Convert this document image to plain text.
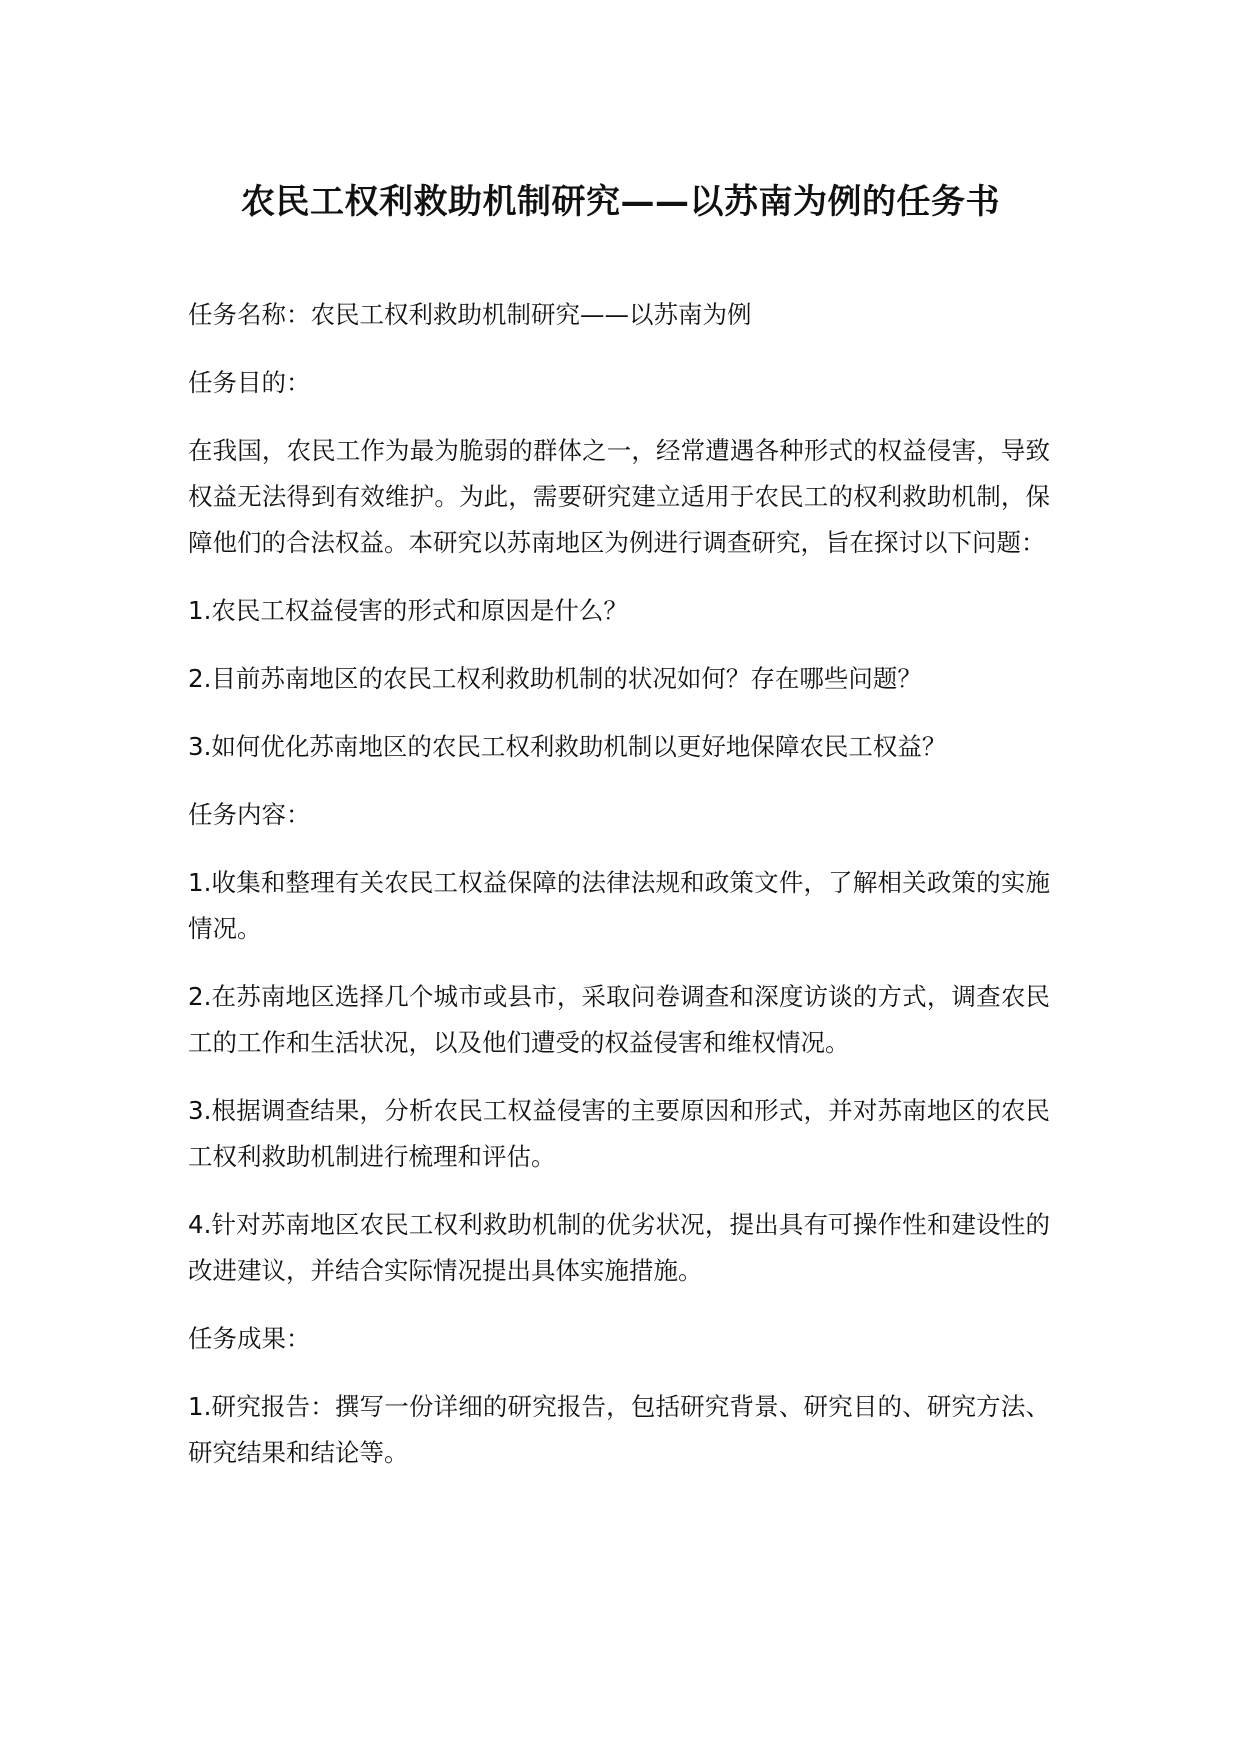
农民工权利救助机制研究——以苏南为例的任务书

任务名称：农民工权利救助机制研究——以苏南为例

任务目的：

在我国，农民工作为最为脆弱的群体之一，经常遭遇各种形式的权益侵害，导致权益无法得到有效维护。为此，需要研究建立适用于农民工的权利救助机制，保障他们的合法权益。本研究以苏南地区为例进行调查研究，旨在探讨以下问题：

1.农民工权益侵害的形式和原因是什么？

2.目前苏南地区的农民工权利救助机制的状况如何？存在哪些问题？

3.如何优化苏南地区的农民工权利救助机制以更好地保障农民工权益？

任务内容：

1.收集和整理有关农民工权益保障的法律法规和政策文件，了解相关政策的实施情况。

2.在苏南地区选择几个城市或县市，采取问卷调查和深度访谈的方式，调查农民工的工作和生活状况，以及他们遭受的权益侵害和维权情况。

3.根据调查结果，分析农民工权益侵害的主要原因和形式，并对苏南地区的农民工权利救助机制进行梳理和评估。

4.针对苏南地区农民工权利救助机制的优劣状况，提出具有可操作性和建设性的改进建议，并结合实际情况提出具体实施措施。

任务成果：

1.研究报告：撰写一份详细的研究报告，包括研究背景、研究目的、研究方法、研究结果和结论等。
